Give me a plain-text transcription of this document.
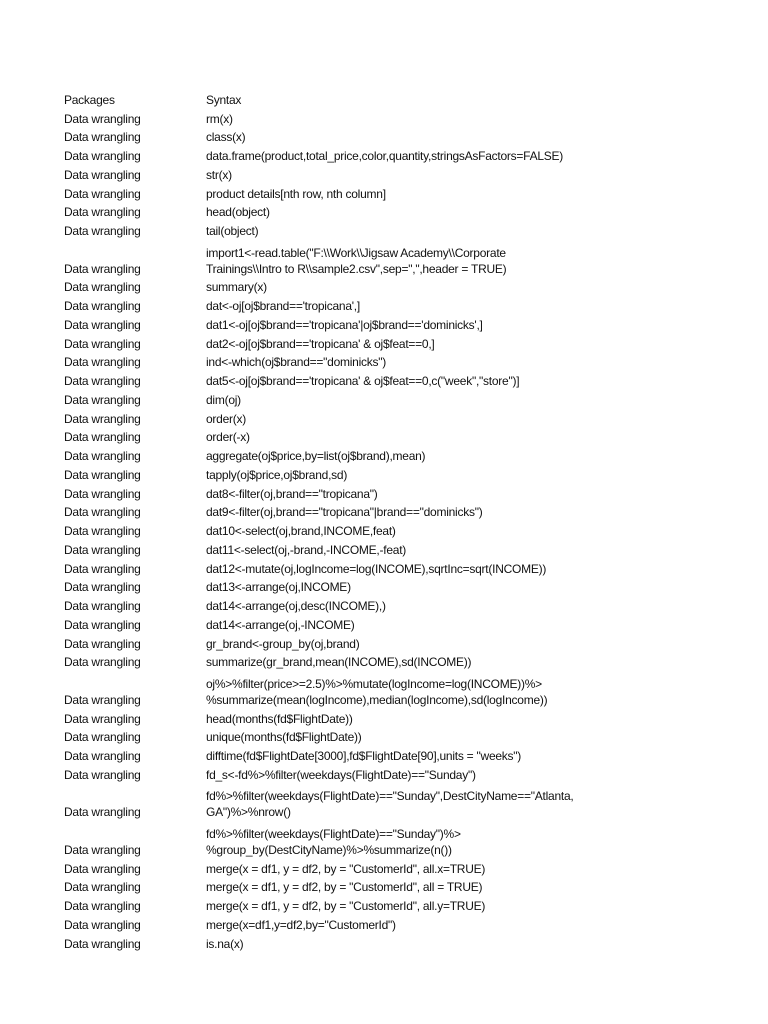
Packages	Syntax
Data wrangling	rm(x)
Data wrangling	class(x)
Data wrangling	data.frame(product,total_price,color,quantity,stringsAsFactors=FALSE)
Data wrangling	str(x)
Data wrangling	product details[nth row, nth column]
Data wrangling	head(object)
Data wrangling	tail(object)
Data wrangling	import1<-read.table("F:\\Work\\Jigsaw Academy\\Corporate
Trainings\\Intro to R\\sample2.csv",sep=",",header = TRUE)
Data wrangling	summary(x)
Data wrangling	dat<-oj[oj$brand=='tropicana',]
Data wrangling	dat1<-oj[oj$brand=='tropicana'|oj$brand=='dominicks',]
Data wrangling	dat2<-oj[oj$brand=='tropicana' & oj$feat==0,]
Data wrangling	ind<-which(oj$brand=="dominicks")
Data wrangling	dat5<-oj[oj$brand=='tropicana' & oj$feat==0,c("week","store")]
Data wrangling	dim(oj)
Data wrangling	order(x)
Data wrangling	order(-x)
Data wrangling	aggregate(oj$price,by=list(oj$brand),mean)
Data wrangling	tapply(oj$price,oj$brand,sd)
Data wrangling	dat8<-filter(oj,brand=="tropicana")
Data wrangling	dat9<-filter(oj,brand=="tropicana"|brand=="dominicks")
Data wrangling	dat10<-select(oj,brand,INCOME,feat)
Data wrangling	dat11<-select(oj,-brand,-INCOME,-feat)
Data wrangling	dat12<-mutate(oj,logIncome=log(INCOME),sqrtInc=sqrt(INCOME))
Data wrangling	dat13<-arrange(oj,INCOME)
Data wrangling	dat14<-arrange(oj,desc(INCOME),)
Data wrangling	dat14<-arrange(oj,-INCOME)
Data wrangling	gr_brand<-group_by(oj,brand)
Data wrangling	summarize(gr_brand,mean(INCOME),sd(INCOME))
Data wrangling	oj%>%filter(price>=2.5)%>%mutate(logIncome=log(INCOME))%>
%summarize(mean(logIncome),median(logIncome),sd(logIncome))
Data wrangling	head(months(fd$FlightDate))
Data wrangling	unique(months(fd$FlightDate))
Data wrangling	difftime(fd$FlightDate[3000],fd$FlightDate[90],units = "weeks")
Data wrangling	fd_s<-fd%>%filter(weekdays(FlightDate)=="Sunday")
Data wrangling	fd%>%filter(weekdays(FlightDate)=="Sunday",DestCityName=="Atlanta,
GA")%>%nrow()
Data wrangling	fd%>%filter(weekdays(FlightDate)=="Sunday")%>
%group_by(DestCityName)%>%summarize(n())
Data wrangling	merge(x = df1, y = df2, by = "CustomerId", all.x=TRUE)
Data wrangling	merge(x = df1, y = df2, by = "CustomerId", all = TRUE)
Data wrangling	merge(x = df1, y = df2, by = "CustomerId", all.y=TRUE)
Data wrangling	merge(x=df1,y=df2,by="CustomerId")
Data wrangling	is.na(x)
